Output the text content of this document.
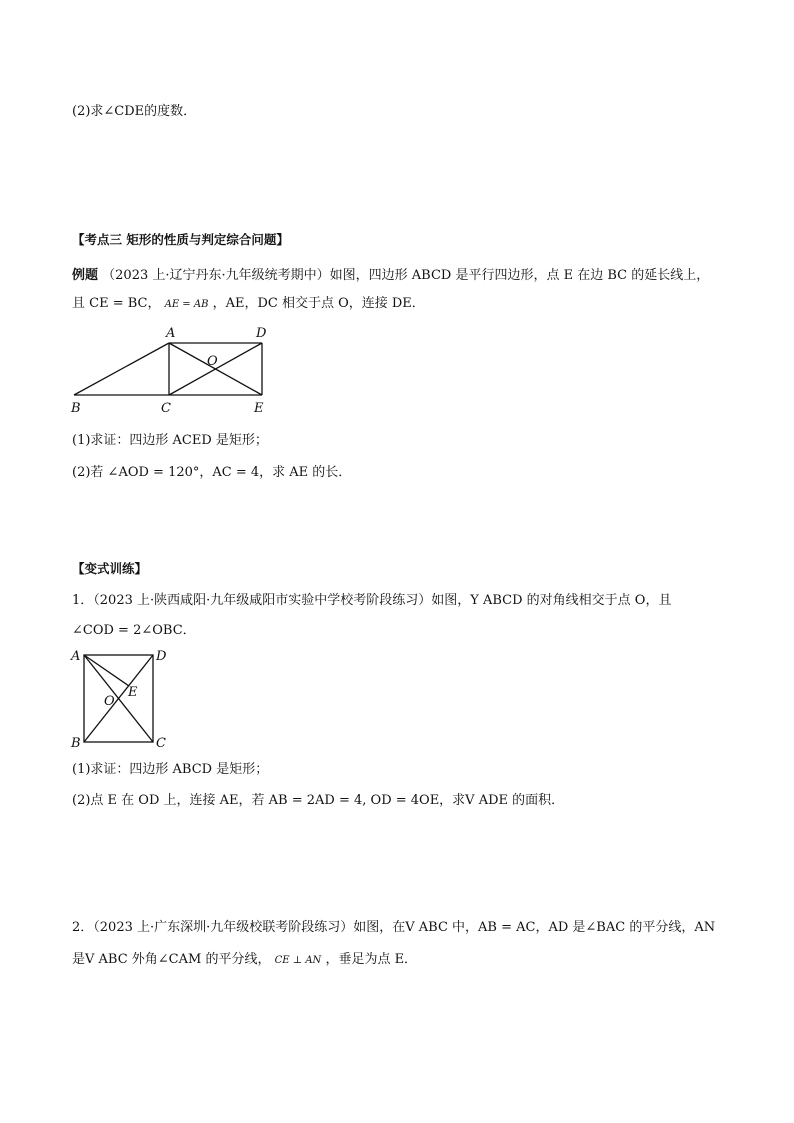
(2)求∠CDE的度数．
【考点三 矩形的性质与判定综合问题】
例题 （2023 上·辽宁丹东·九年级统考期中）如图，四边形 ABCD 是平行四边形，点 E 在边 BC 的延长线上，
且 CE = BC， AE = AB ，AE，DC 相交于点 O，连接 DE．
A	D
O
B	C	E
(1)求证：四边形 ACED 是矩形；
(2)若 ∠AOD = 120°，AC = 4，求 AE 的长．
【变式训练】
1．（2023 上·陕西咸阳·九年级咸阳市实验中学校考阶段练习）如图，Y ABCD 的对角线相交于点 O，且
∠COD = 2∠OBC．
A	D
E
O
B	C
(1)求证：四边形 ABCD 是矩形；
(2)点 E 在 OD 上，连接 AE，若 AB = 2AD = 4, OD = 4OE，求V ADE 的面积．
2．（2023 上·广东深圳·九年级校联考阶段练习）如图，在V ABC 中，AB = AC，AD 是∠BAC 的平分线，AN
是V ABC 外角∠CAM 的平分线， CE ⊥ AN ，垂足为点 E．
